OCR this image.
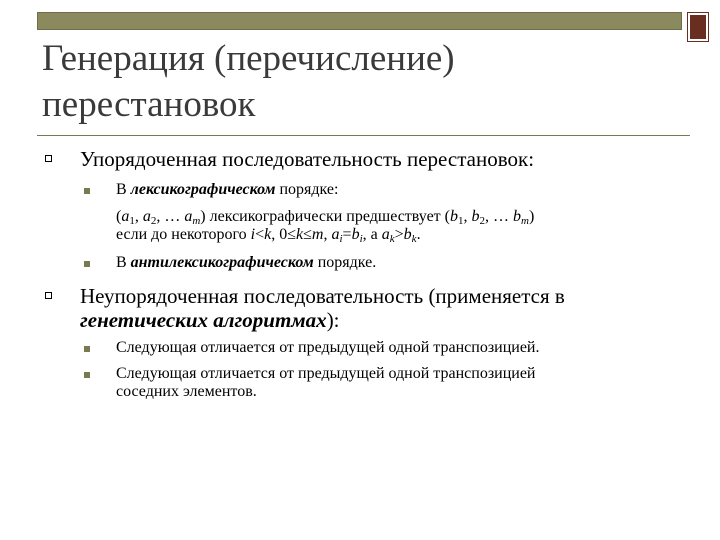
Генерация (перечисление)
перестановок
Упорядоченная последовательность перестановок:
В лексикографическом порядке:
($a_1$, $a_2$, … $a_m$) лексикографически предшествует ($b_1$, $b_2$, … $b_m$)
если до некоторого i<k, 0≤k≤m, $a_i=b_i$, а $a_k>b_k$.
В антилексикографическом порядке.
Неупорядоченная последовательность (применяется в
генетических алгоритмах):
Следующая отличается от предыдущей одной транспозицией.
Следующая отличается от предыдущей одной транспозицией
соседних элементов.
